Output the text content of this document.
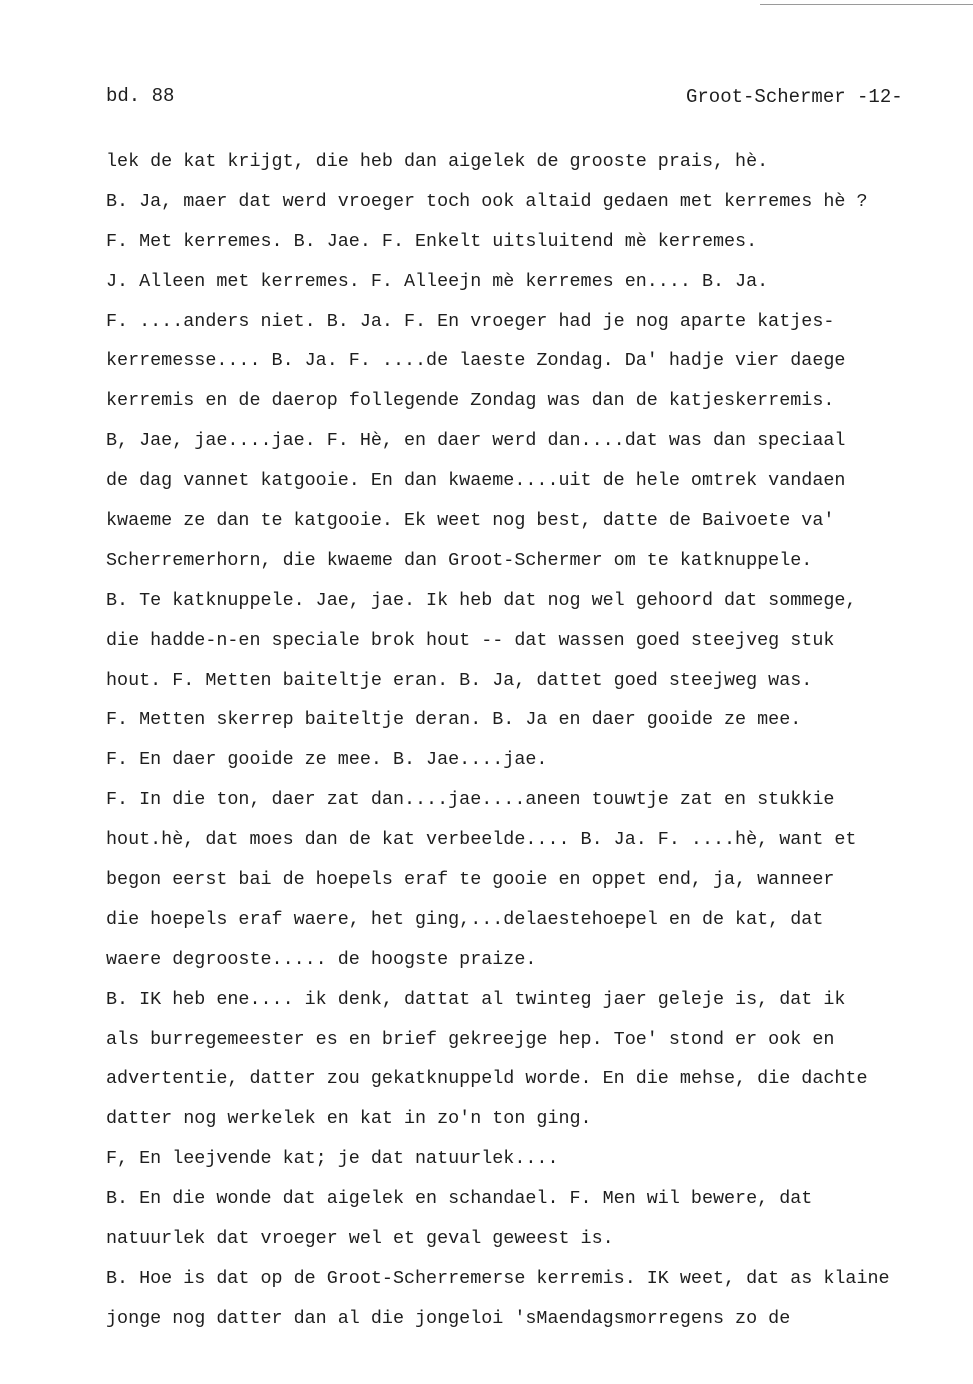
bd. 88	Groot-Schermer -12-
lek de kat krijgt, die heb dan aigelek de grooste prais, hè.
B. Ja, maer dat werd vroeger toch ook altaid gedaen met kerremes hè ?
F. Met kerremes. B. Jae. F. Enkelt uitsluitend mè kerremes.
J. Alleen met kerremes. F. Alleejn mè kerremes en.... B. Ja.
F. ....anders niet. B. Ja. F. En vroeger had je nog aparte katjes-
kerremesse.... B. Ja. F. ....de laeste Zondag. Da' hadje vier daege
kerremis en de daerop follegende Zondag was dan de katjeskerremis.
B, Jae, jae....jae. F. Hè, en daer werd dan....dat was dan speciaal
de dag vannet katgooie. En dan kwaeme....uit de hele omtrek vandaen
kwaeme ze dan te katgooie. Ek weet nog best, datte de Baivoete va'
Scherremerhorn, die kwaeme dan Groot-Schermer om te katknuppele.
B. Te katknuppele. Jae, jae. Ik heb dat nog wel gehoord dat sommege,
die hadde-n-en speciale brok hout -- dat wassen goed steejveg stuk
hout. F. Metten baiteltje eran. B. Ja, dattet goed steejweg was.
F. Metten skerrep baiteltje deran. B. Ja en daer gooide ze mee.
F. En daer gooide ze mee. B. Jae....jae.
F. In die ton, daer zat dan....jae....aneen touwtje zat en stukkie
hout.hè, dat moes dan de kat verbeelde.... B. Ja. F. ....hè, want et
begon eerst bai de hoepels eraf te gooie en oppet end, ja, wanneer
die hoepels eraf waere, het ging,...delaestehoepel en de kat, dat
waere degrooste..... de hoogste praize.
B. IK heb ene.... ik denk, dattat al twinteg jaer geleje is, dat ik
als burregemeester es en brief gekreejge hep. Toe' stond er ook en
advertentie, datter zou gekatknuppeld worde. En die mehse, die dachte
datter nog werkelek en kat in zo'n ton ging.
F, En leejvende kat; je dat natuurlek....
B. En die wonde dat aigelek en schandael. F. Men wil bewere, dat
natuurlek dat vroeger wel et geval geweest is.
B. Hoe is dat op de Groot-Scherremerse kerremis. IK weet, dat as klaine
jonge nog datter dan al die jongeloi 'sMaendagsmorregens zo de
